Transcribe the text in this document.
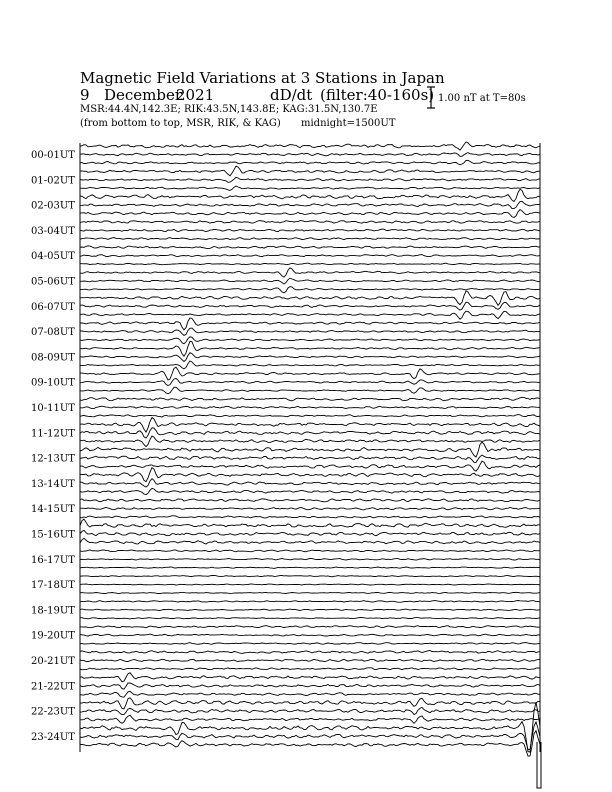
Magnetic Field Variations at 3 Stations in Japan
9 December
2021	dD/dt (filter:40-160s)
MSR:44.4N,142.3E; RIK:43.5N,143.8E; KAG:31.5N,130.7E
(from bottom to top, MSR, RIK, & KAG) midnight=1500UT
1.00 nT at T=80s
00-01UT
01-02UT
02-03UT
03-04UT
04-05UT
05-06UT
06-07UT
07-08UT
08-09UT
09-10UT
10-11UT
11-12UT
12-13UT
13-14UT
14-15UT
15-16UT
16-17UT
17-18UT
18-19UT
19-20UT
20-21UT
21-22UT
22-23UT
23-24UT
